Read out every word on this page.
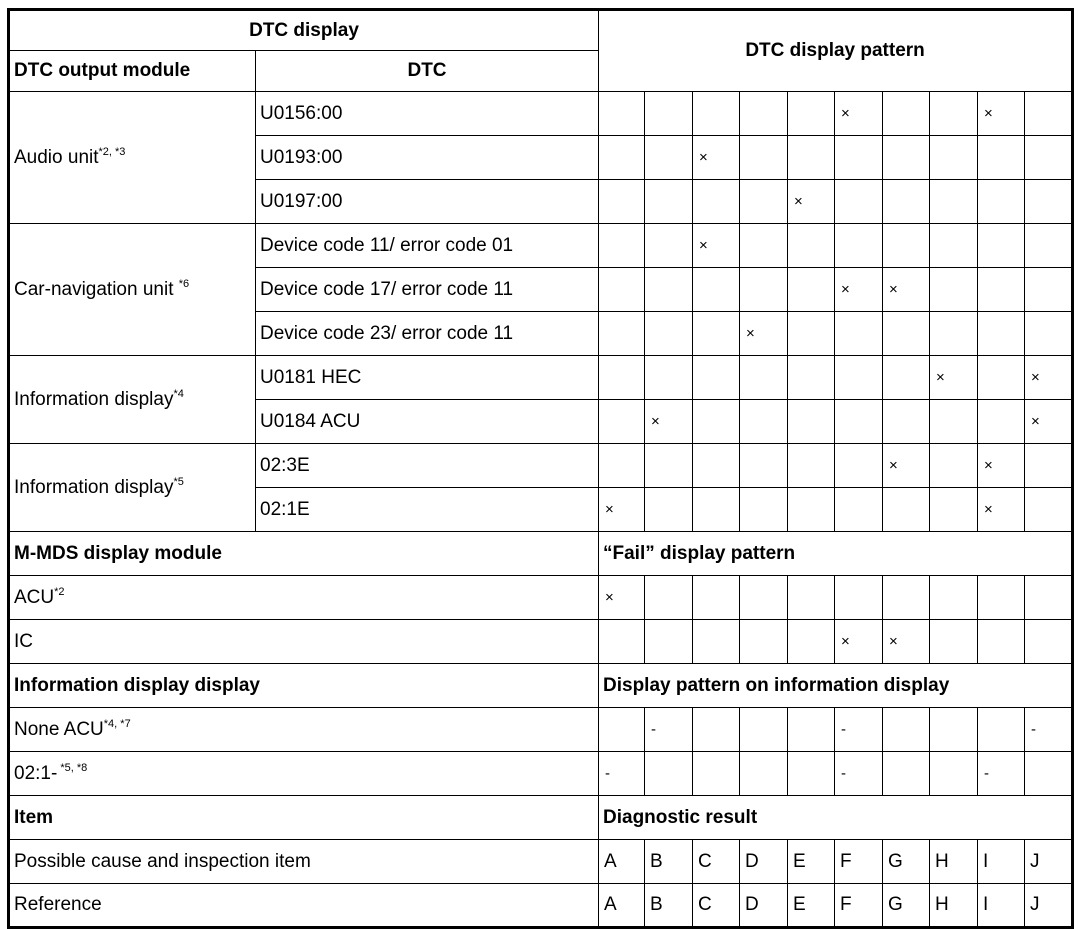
DTC display		DTC display pattern									
DTC output module	DTC										
Audio unit$^{*2, *3}$	U0156:00						×			×	
	U0193:00			×							
	U0197:00					×					
Car-navigation unit $^{*6}$	Device code 11/ error code 01			×							
	Device code 17/ error code 11						×	×			
	Device code 23/ error code 11				×						
Information display$^{*4}$	U0181 HEC								×		×
	U0184 ACU		×								×
Information display$^{*5}$	02:3E							×		×	
	02:1E	×								×	
M-MDS display module		“Fail” display pattern									
ACU$^{*2}$		×									
IC							×	×			
Information display display		Display pattern on information display									
None $ACU^{*4, *7}$			-				-				-
02:1- $^{*5, *8}$		-					-			-	
Item		Diagnostic result									
Possible cause and inspection item		A	B	C	D	E	F	G	H	I	J
Reference		A	B	C	D	E	F	G	H	I	J
